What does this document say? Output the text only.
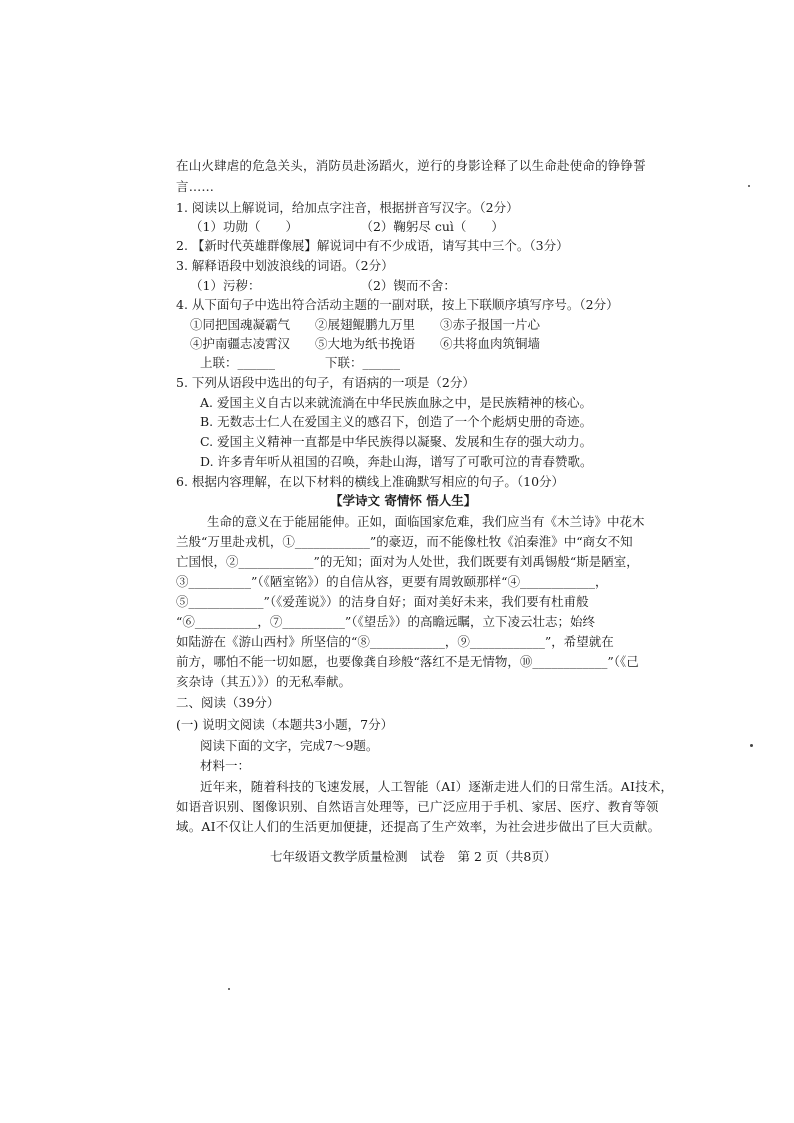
在山火肆虐的危急关头，消防员赴汤蹈火，逆行的身影诠释了以生命赴使命的铮铮誓
言……
1. 阅读以上解说词，给加点字注音，根据拼音写汉字。（2分）
（1）功勋（　　）　　　　　　（2）鞠躬尽 cuì（　　）
2. 【新时代英雄群像展】解说词中有不少成语，请写其中三个。（3分）
3. 解释语段中划波浪线的词语。（2分）
（1）污秽：　　　　　　　　　（2）锲而不舍：
4. 从下面句子中选出符合活动主题的一副对联，按上下联顺序填写序号。（2分）
①同把国魂凝霸气　　②展翅鲲鹏九万里　　③赤子报国一片心
④护南疆志凌霄汉　　⑤大地为纸书挽语　　⑥共将血肉筑铜墙
上联：______　　　　下联：______
5. 下列从语段中选出的句子，有语病的一项是（2分）
A. 爱国主义自古以来就流淌在中华民族血脉之中，是民族精神的核心。
B. 无数志士仁人在爱国主义的感召下，创造了一个个彪炳史册的奇迹。
C. 爱国主义精神一直都是中华民族得以凝聚、发展和生存的强大动力。
D. 许多青年听从祖国的召唤，奔赴山海，谱写了可歌可泣的青春赞歌。
6. 根据内容理解，在以下材料的横线上准确默写相应的句子。（10分）
【学诗文 寄情怀 悟人生】
生命的意义在于能屈能伸。正如，面临国家危难，我们应当有《木兰诗》中花木
兰般“万里赴戎机，①____________”的豪迈，而不能像杜牧《泊秦淮》中“商女不知
亡国恨，②____________”的无知；面对为人处世，我们既要有刘禹锡般“斯是陋室，
③__________”（《陋室铭》）的自信从容，更要有周敦颐那样“④____________，
⑤____________”（《爱莲说》）的洁身自好；面对美好未来，我们要有杜甫般
“⑥__________，⑦__________”（《望岳》）的高瞻远瞩，立下凌云壮志；始终
如陆游在《游山西村》所坚信的“⑧____________，⑨____________”，希望就在
前方，哪怕不能一切如愿，也要像龚自珍般“落红不是无情物，⑩____________”（《己
亥杂诗（其五）》）的无私奉献。
二、阅读（39分）
(一) 说明文阅读（本题共3小题，7分）
阅读下面的文字，完成7～9题。
材料一：
近年来，随着科技的飞速发展，人工智能（AI）逐渐走进人们的日常生活。AI技术，
如语音识别、图像识别、自然语言处理等，已广泛应用于手机、家居、医疗、教育等领
域。AI不仅让人们的生活更加便捷，还提高了生产效率，为社会进步做出了巨大贡献。
七年级语文教学质量检测　试卷　第 2 页（共8页）
